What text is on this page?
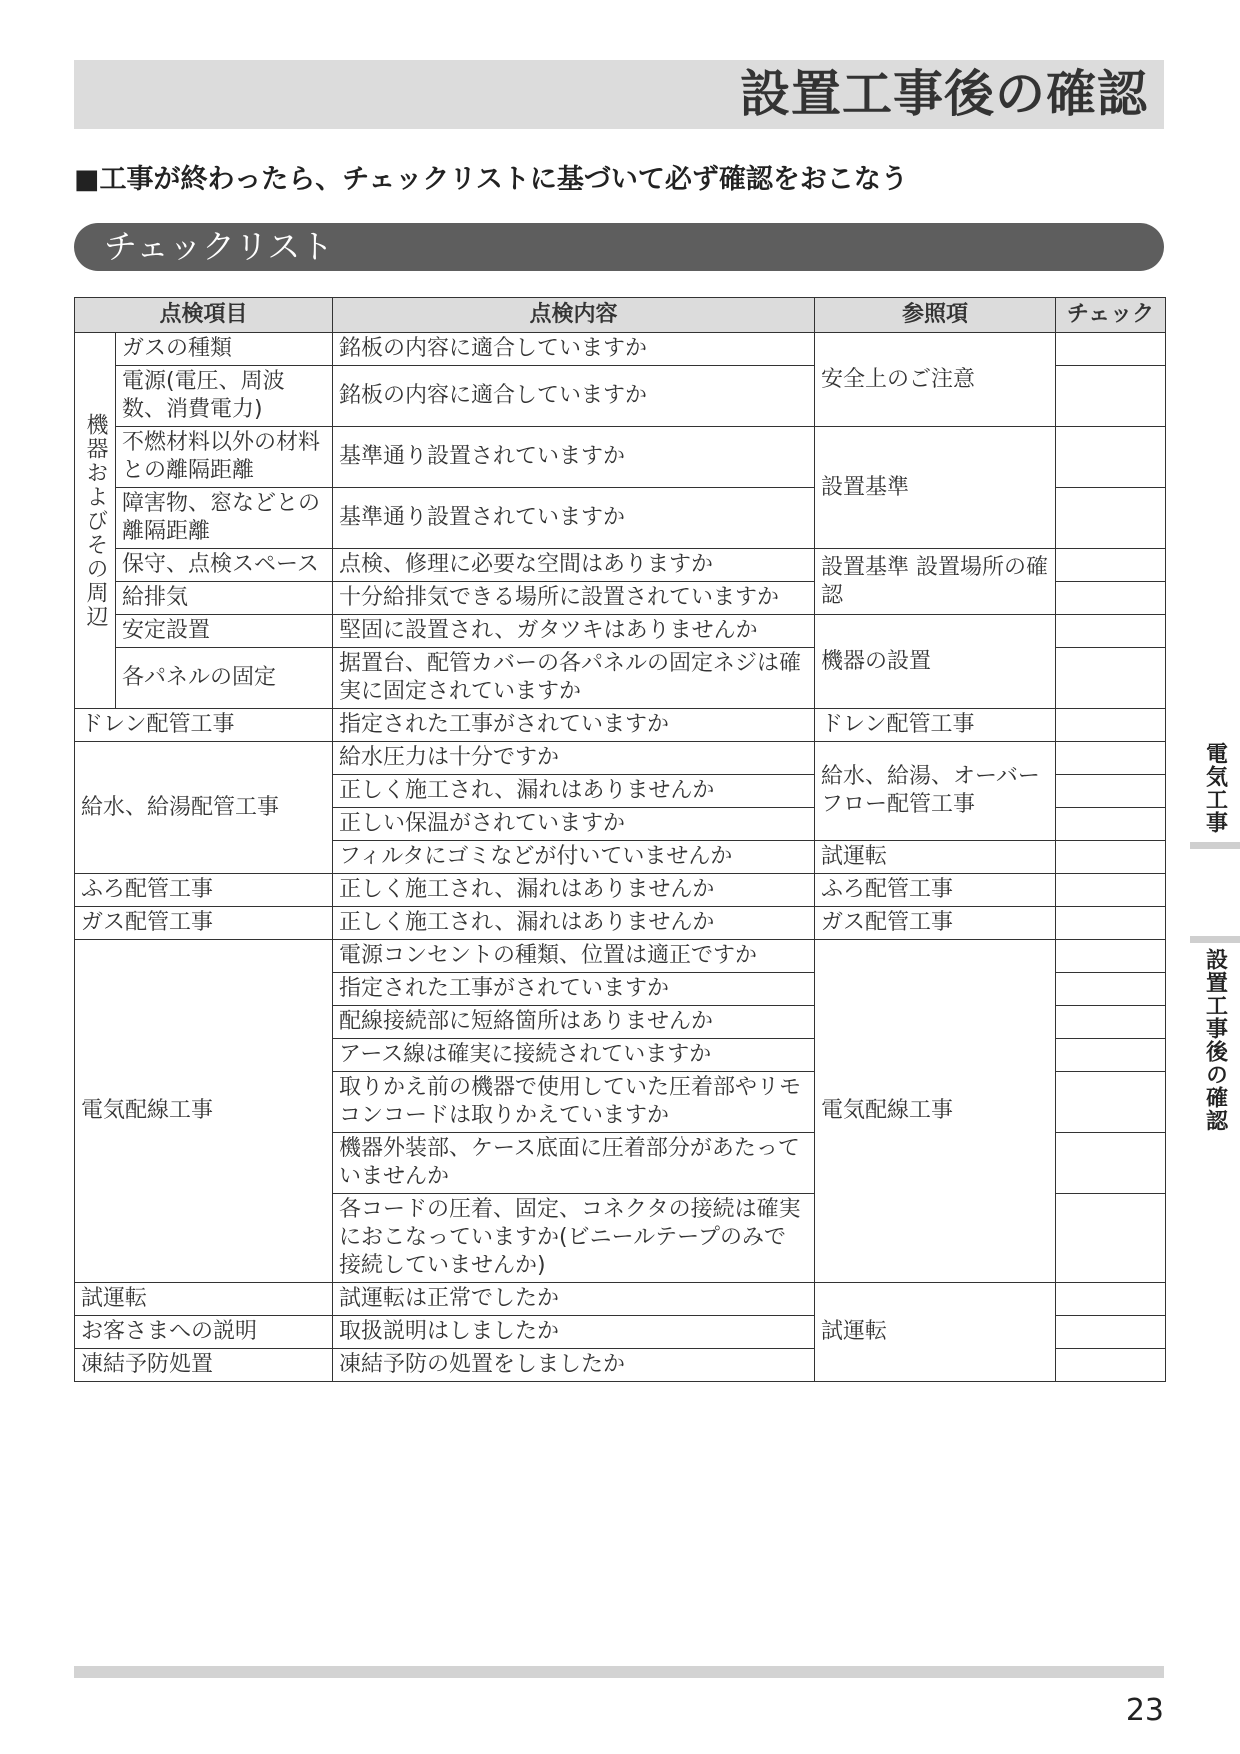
設置工事後の確認
■工事が終わったら、チェックリストに基づいて必ず確認をおこなう
チェックリスト
点検項目		点検内容	参照項	チェック
機器およびその周辺	ガスの種類	銘板の内容に適合していますか	安全上のご注意	
	電源(電圧、周波数、消費電力)	銘板の内容に適合していますか		
	不燃材料以外の材料との離隔距離	基準通り設置されていますか	設置基準	
	障害物、窓などとの離隔距離	基準通り設置されていますか		
	保守、点検スペース	点検、修理に必要な空間はありますか	設置基準 設置場所の確認	
	給排気	十分給排気できる場所に設置されていますか		
	安定設置	堅固に設置され、ガタツキはありませんか	機器の設置	
	各パネルの固定	据置台、配管カバーの各パネルの固定ネジは確実に固定されていますか		
ドレン配管工事		指定された工事がされていますか	ドレン配管工事	
給水、給湯配管工事		給水圧力は十分ですか	給水、給湯、オーバーフロー配管工事	
		正しく施工され、漏れはありませんか		
		正しい保温がされていますか		
		フィルタにゴミなどが付いていませんか	試運転	
ふろ配管工事		正しく施工され、漏れはありませんか	ふろ配管工事	
ガス配管工事		正しく施工され、漏れはありませんか	ガス配管工事	
電気配線工事		電源コンセントの種類、位置は適正ですか	電気配線工事	
		指定された工事がされていますか		
		配線接続部に短絡箇所はありませんか		
		アース線は確実に接続されていますか		
		取りかえ前の機器で使用していた圧着部やリモコンコードは取りかえていますか		
		機器外装部、ケース底面に圧着部分があたっていませんか		
		各コードの圧着、固定、コネクタの接続は確実におこなっていますか(ビニールテープのみで接続していませんか)		
試運転		試運転は正常でしたか	試運転	
お客さまへの説明		取扱説明はしましたか		
凍結予防処置		凍結予防の処置をしましたか		
電気工事
設置工事後の確認
23
